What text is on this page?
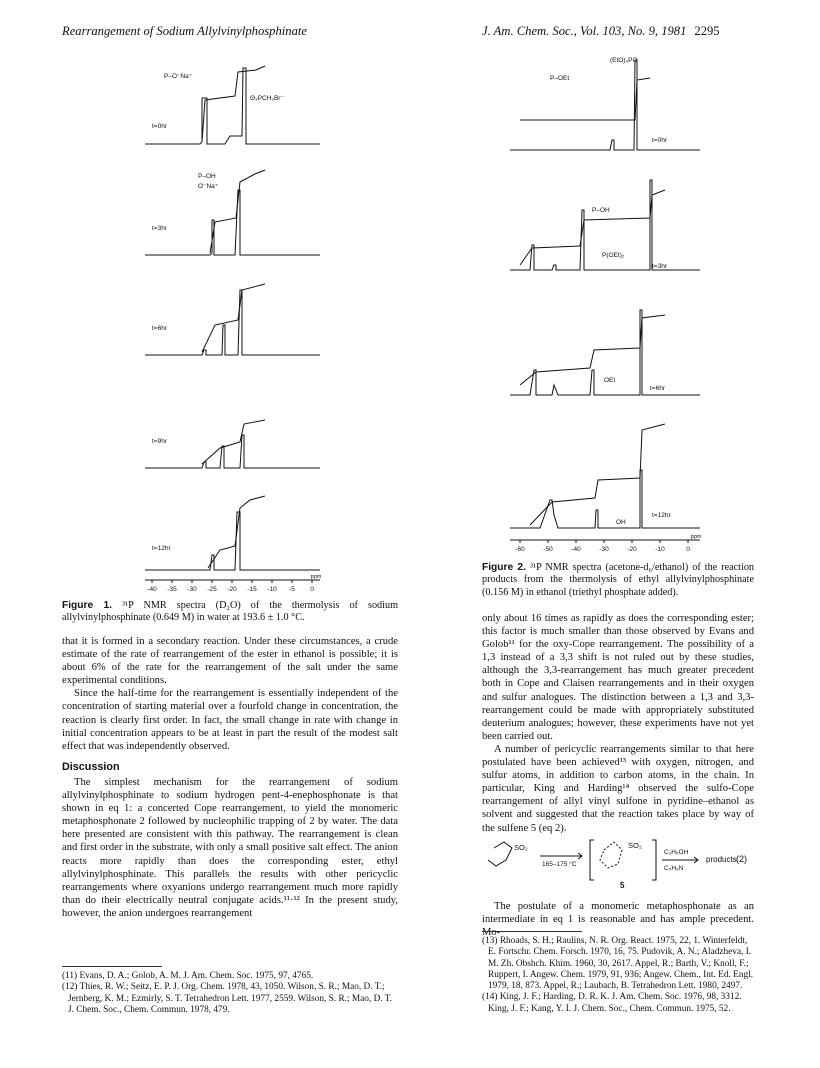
Rearrangement of Sodium Allylvinylphosphinate	J. Am. Chem. Soc., Vol. 103, No. 9, 1981 2295
t=0hr
t=3hr
t=6hr
t=9hr
t=12hr
P–O⁻Na⁺
Θ₃PCH₂Br⁻
P–OH
O⁻Na⁺
-40 -35 -30 -25 -20 -15 -10 -5 0
ppm
Figure 1. ³¹P NMR spectra (D₂O) of the thermolysis of sodium allylvinylphosphinate (0.649 M) in water at 193.6 ± 1.0 °C.

that it is formed in a secondary reaction. Under these circumstances, a crude estimate of the rate of rearrangement of the ester in ethanol is possible; it is about 6% of the rate for the rearrangement of the salt under the same experimental conditions.

Since the half-time for the rearrangement is essentially independent of the concentration of starting material over a fourfold change in concentration, the reaction is clearly first order. In fact, the small change in rate with change in initial concentration appears to be at least in part the result of the modest salt effect that was independently observed.

Discussion

The simplest mechanism for the rearrangement of sodium allylvinylphosphinate to sodium hydrogen pent-4-enephosphonate is that shown in eq 1: a concerted Cope rearrangement, to yield the monomeric metaphosphonate 2 followed by nucleophilic trapping of 2 by water. The data here presented are consistent with this pathway. The rearrangement is clean and first order in the substrate, with only a small positive salt effect. The anion reacts more rapidly than does the corresponding ester, ethyl allylvinylphosphinate. This parallels the results with other pericyclic rearrangements where oxyanions undergo rearrangement much more rapidly than do their electrically neutral conjugate acids.¹¹·¹² In the present study, however, the anion undergoes rearrangement

(11) Evans, D. A.; Golob, A. M. J. Am. Chem. Soc. 1975, 97, 4765.
(12) Thies, R. W.; Seitz, E. P. J. Org. Chem. 1978, 43, 1050. Wilson, S. R.; Mao, D. T.; Jernberg, K. M.; Ezmirly, S. T. Tetrahedron Lett. 1977, 2559. Wilson, S. R.; Mao, D. T. J. Chem. Soc., Chem. Commun. 1978, 479.
t=0hr
t=3hr
t=6hr
t=12hr
(EtO)₃PO
P–OEt
P–OH
P(OEt)₂
OEt
OH
-60	-50	-40	-30	-20	-10	0
ppm
Figure 2. ³¹P NMR spectra (acetone-d₆/ethanol) of the reaction products from the thermolysis of ethyl allylvinylphosphinate (0.156 M) in ethanol (triethyl phosphate added).

only about 16 times as rapidly as does the corresponding ester; this factor is much smaller than those observed by Evans and Golob¹¹ for the oxy-Cope rearrangement. The possibility of a 1,3 instead of a 3,3 shift is not ruled out by these studies, although the 3,3-rearrangement has much greater precedent both in Cope and Claisen rearrangements and in their oxygen and sulfur analogues. The distinction between a 1,3 and 3,3-rearrangement could be made with appropriately substituted deuterium analogues; however, these experiments have not yet been carried out.

A number of pericyclic rearrangements similar to that here postulated have been achieved¹³ with oxygen, nitrogen, and sulfur atoms, in addition to carbon atoms, in the chain. In particular, King and Harding¹⁴ observed the sulfo-Cope rearrangement of allyl vinyl sulfone in pyridine–ethanol as solvent and suggested that the reaction takes place by way of the sulfene 5 (eq 2).

SO₂
165–175 °C
SO₂
C₂H₅OH
C₅H₅N
products (2)
5

The postulate of a monomeric metaphosphonate as an intermediate in eq 1 is reasonable and has ample precedent. Mo-

(13) Rhoads, S. H.; Raulins, N. R. Org. React. 1975, 22, 1. Winterfeldt, E. Fortschr. Chem. Forsch. 1970, 16, 75. Pudovik, A. N.; Aladzheva, I. M. Zh. Obshch. Khim. 1960, 30, 2617. Appel, R.; Barth, V.; Knoll, F.; Ruppert, I. Angew. Chem. 1979, 91, 936; Angew. Chem., Int. Ed. Engl. 1979, 18, 873. Appel, R.; Laubach, B. Tetrahedron Lett. 1980, 2497.
(14) King, J. F.; Harding, D. R. K. J. Am. Chem. Soc. 1976, 98, 3312. King, J. F.; Kang, Y. I. J. Chem. Soc., Chem. Commun. 1975, 52.
